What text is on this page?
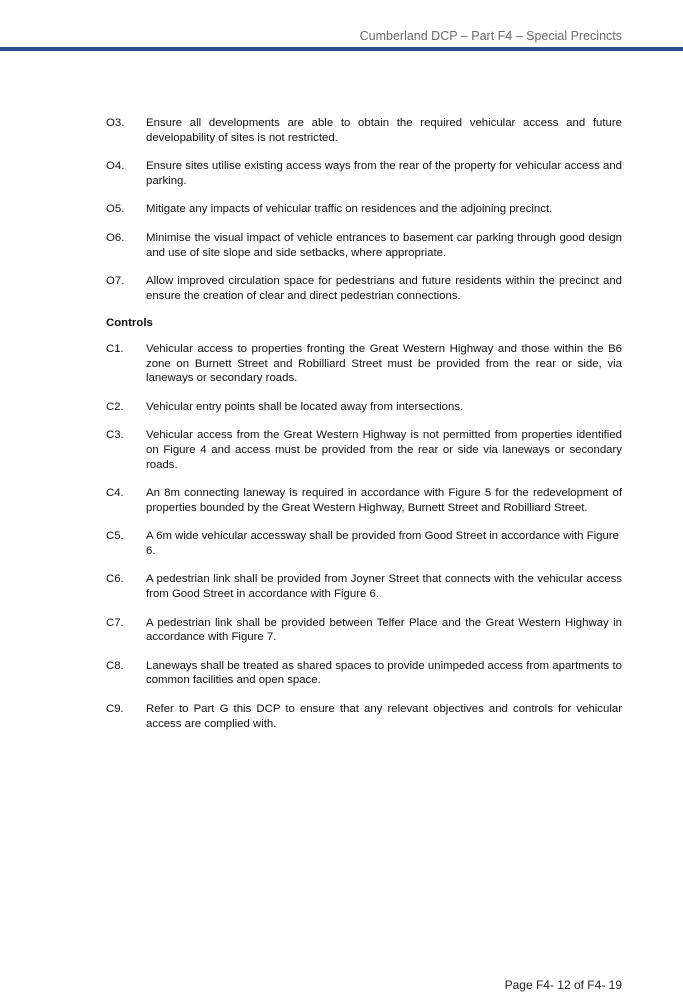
Cumberland DCP – Part F4 – Special Precincts
O3.	Ensure all developments are able to obtain the required vehicular access and future developability of sites is not restricted.
O4.	Ensure sites utilise existing access ways from the rear of the property for vehicular access and parking.
O5.	Mitigate any impacts of vehicular traffic on residences and the adjoining precinct.
O6.	Minimise the visual impact of vehicle entrances to basement car parking through good design and use of site slope and side setbacks, where appropriate.
O7.	Allow improved circulation space for pedestrians and future residents within the precinct and ensure the creation of clear and direct pedestrian connections.
Controls
C1.	Vehicular access to properties fronting the Great Western Highway and those within the B6 zone on Burnett Street and Robilliard Street must be provided from the rear or side, via laneways or secondary roads.
C2.	Vehicular entry points shall be located away from intersections.
C3.	Vehicular access from the Great Western Highway is not permitted from properties identified on Figure 4 and access must be provided from the rear or side via laneways or secondary roads.
C4.	An 8m connecting laneway is required in accordance with Figure 5 for the redevelopment of properties bounded by the Great Western Highway, Burnett Street and Robilliard Street.
C5.	A 6m wide vehicular accessway shall be provided from Good Street in accordance with Figure 6.
C6.	A pedestrian link shall be provided from Joyner Street that connects with the vehicular access from Good Street in accordance with Figure 6.
C7.	A pedestrian link shall be provided between Telfer Place and the Great Western Highway in accordance with Figure 7.
C8.	Laneways shall be treated as shared spaces to provide unimpeded access from apartments to common facilities and open space.
C9.	Refer to Part G this DCP to ensure that any relevant objectives and controls for vehicular access are complied with.
Page F4- 12 of F4- 19
